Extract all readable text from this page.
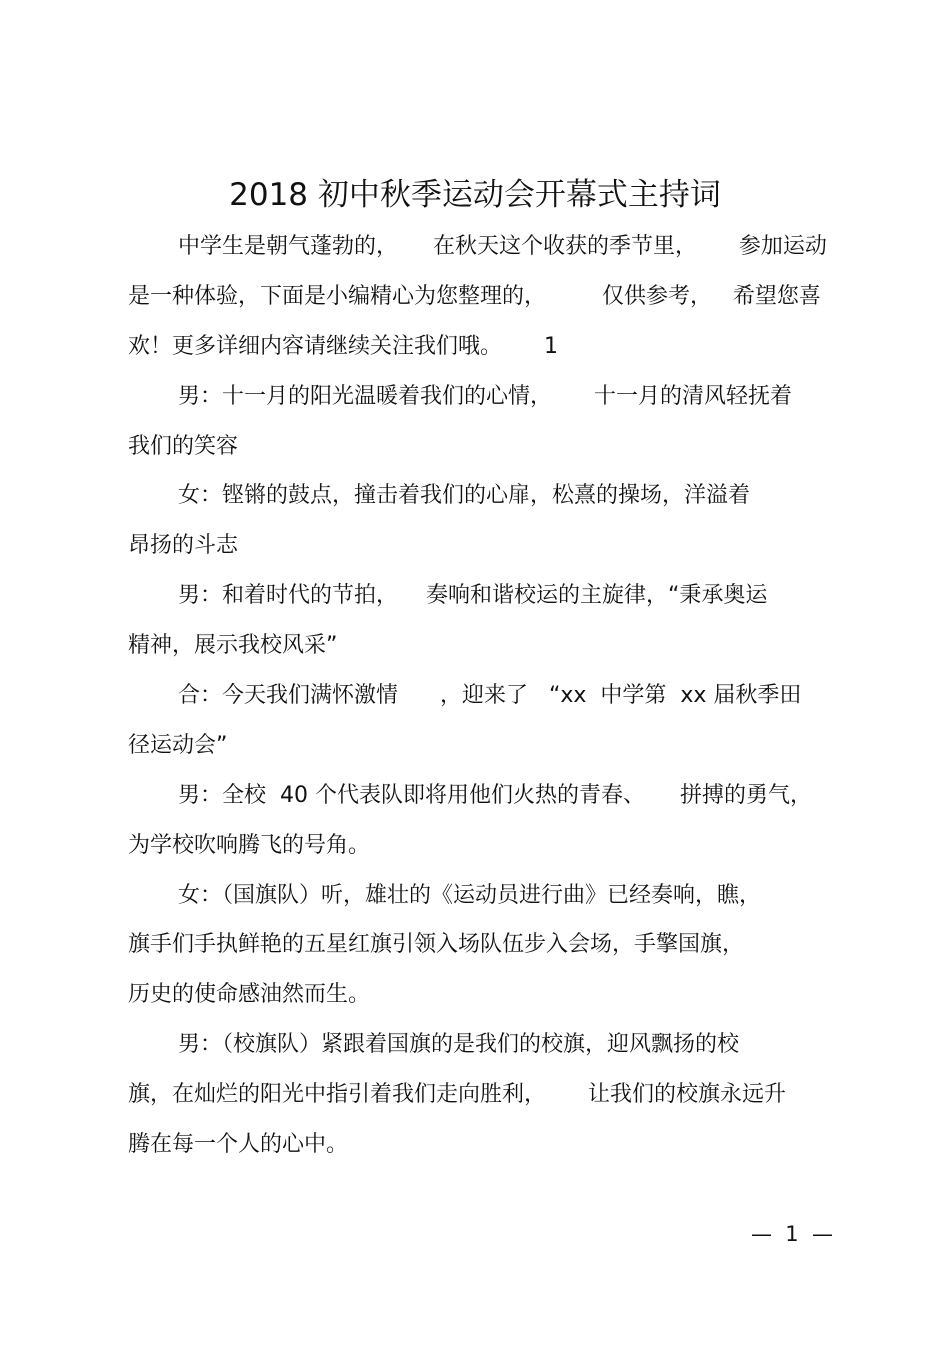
2018 初中秋季运动会开幕式主持词
中学生是朝气蓬勃的，     在秋天这个收获的季节里，      参加运动
是一种体验，下面是小编精心为您整理的，        仅供参考，   希望您喜
欢！更多详细内容请继续关注我们哦。      1
男：十一月的阳光温暖着我们的心情，      十一月的清风轻抚着
我们的笑容
女：铿锵的鼓点，撞击着我们的心扉，松熹的操场，洋溢着
昂扬的斗志
男：和着时代的节拍，    奏响和谐校运的主旋律，“秉承奥运
精神，展示我校风采”
合：今天我们满怀激情      ，迎来了   “xx  中学第  xx 届秋季田
径运动会”
男：全校  40 个代表队即将用他们火热的青春、     拼搏的勇气，
为学校吹响腾飞的号角。
女：（国旗队）听，雄壮的《运动员进行曲》已经奏响，瞧，
旗手们手执鲜艳的五星红旗引领入场队伍步入会场，手擎国旗，
历史的使命感油然而生。
男：（校旗队）紧跟着国旗的是我们的校旗，迎风飘扬的校
旗，在灿烂的阳光中指引着我们走向胜利，      让我们的校旗永远升
腾在每一个人的心中。
—  1  —
